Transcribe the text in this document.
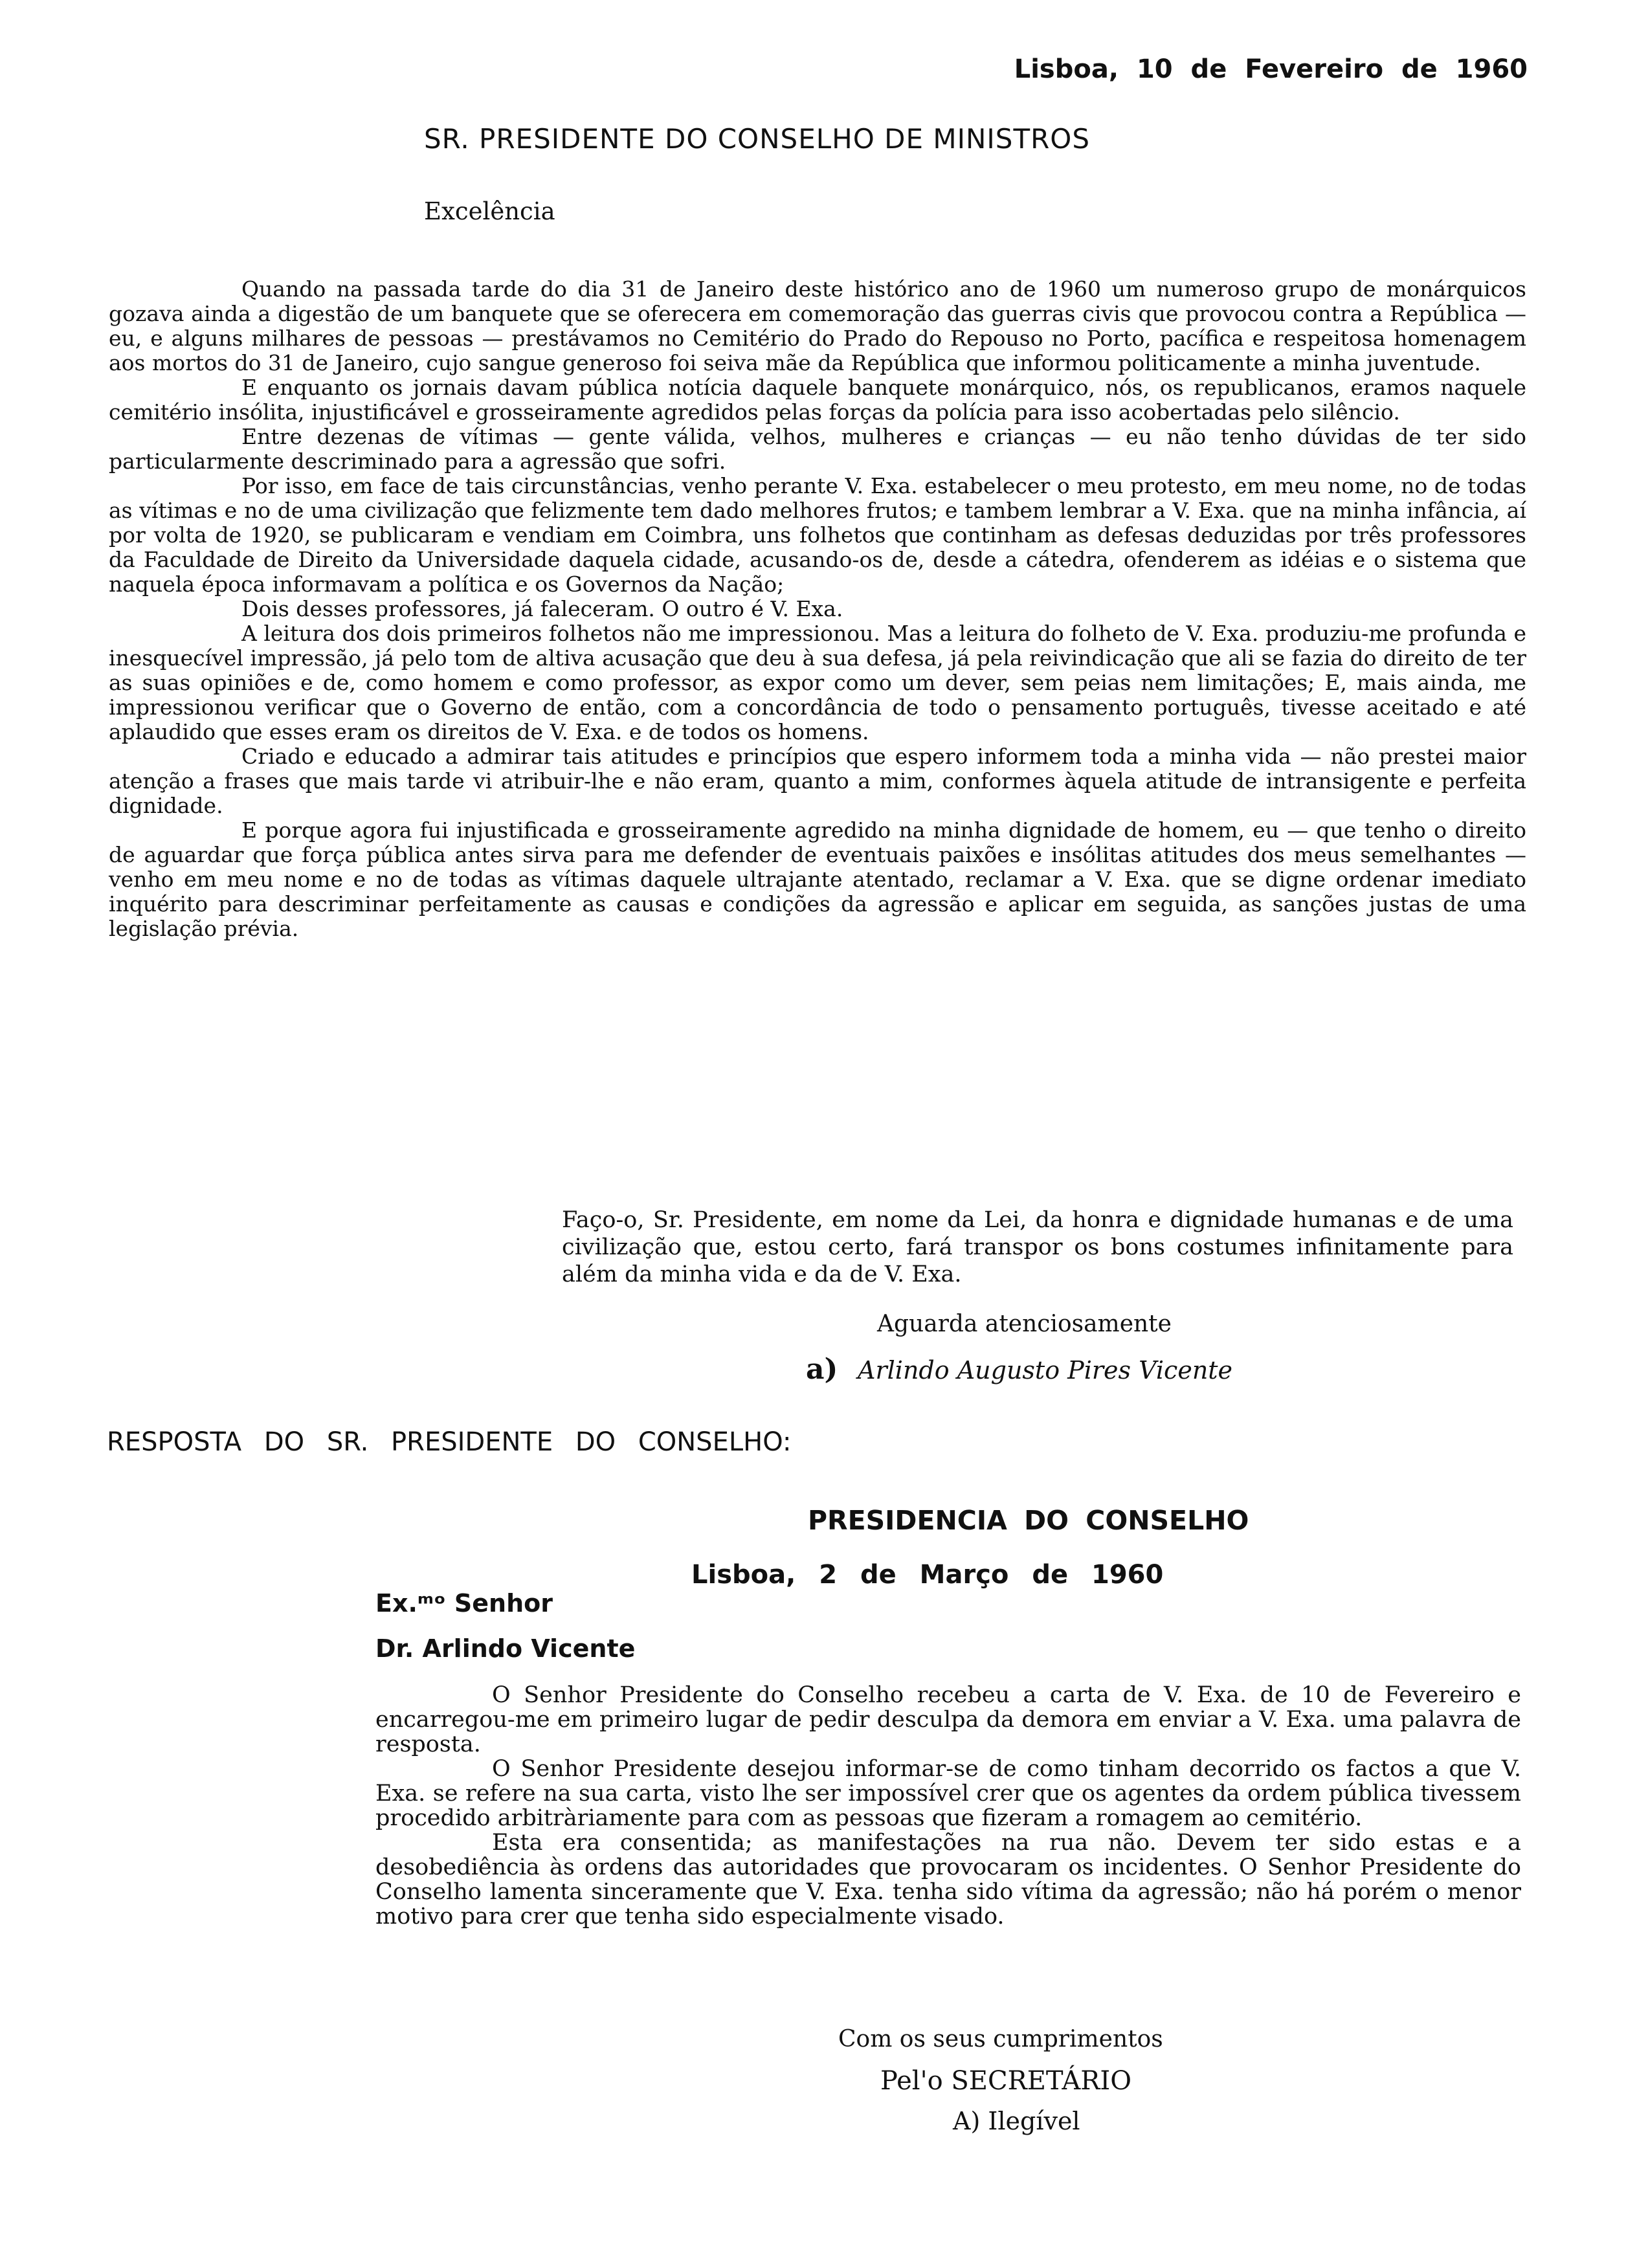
Lisboa, 10 de Fevereiro de 1960
SR. PRESIDENTE DO CONSELHO DE MINISTROS
Excelência

Quando na passada tarde do dia 31 de Janeiro deste histórico ano de 1960 um numeroso grupo de monárquicos gozava ainda a digestão de um banquete que se oferecera em comemoração das guerras civis que provocou contra a República — eu, e alguns milhares de pessoas — prestávamos no Cemitério do Prado do Repouso no Porto, pacífica e respeitosa homenagem aos mortos do 31 de Janeiro, cujo sangue generoso foi seiva mãe da República que informou politicamente a minha juventude.

E enquanto os jornais davam pública notícia daquele banquete monárquico, nós, os republicanos, eramos naquele cemitério insólita, injustificável e grosseiramente agredidos pelas forças da polícia para isso acobertadas pelo silêncio.

Entre dezenas de vítimas — gente válida, velhos, mulheres e crianças — eu não tenho dúvidas de ter sido particularmente descriminado para a agressão que sofri.

Por isso, em face de tais circunstâncias, venho perante V. Exa. estabelecer o meu protesto, em meu nome, no de todas as vítimas e no de uma civilização que felizmente tem dado melhores frutos; e tambem lembrar a V. Exa. que na minha infância, aí por volta de 1920, se publicaram e vendiam em Coimbra, uns folhetos que continham as defesas deduzidas por três professores da Faculdade de Direito da Universidade daquela cidade, acusando-os de, desde a cátedra, ofenderem as idéias e o sistema que naquela época informavam a política e os Governos da Nação;

Dois desses professores, já faleceram. O outro é V. Exa.

A leitura dos dois primeiros folhetos não me impressionou. Mas a leitura do folheto de V. Exa. produziu-me profunda e inesquecível impressão, já pelo tom de altiva acusação que deu à sua defesa, já pela reivindicação que ali se fazia do direito de ter as suas opiniões e de, como homem e como professor, as expor como um dever, sem peias nem limitações; E, mais ainda, me impressionou verificar que o Governo de então, com a concordância de todo o pensamento português, tivesse aceitado e até aplaudido que esses eram os direitos de V. Exa. e de todos os homens.

Criado e educado a admirar tais atitudes e princípios que espero informem toda a minha vida — não prestei maior atenção a frases que mais tarde vi atribuir-lhe e não eram, quanto a mim, conformes àquela atitude de intransigente e perfeita dignidade.

E porque agora fui injustificada e grosseiramente agredido na minha dignidade de homem, eu — que tenho o direito de aguardar que força pública antes sirva para me defender de eventuais paixões e insólitas atitudes dos meus semelhantes — venho em meu nome e no de todas as vítimas daquele ultrajante atentado, reclamar a V. Exa. que se digne ordenar imediato inquérito para descriminar perfeitamente as causas e condições da agressão e aplicar em seguida, as sanções justas de uma legislação prévia.

Faço-o, Sr. Presidente, em nome da Lei, da honra e dignidade humanas e de uma civilização que, estou certo, fará transpor os bons costumes infinitamente para além da minha vida e da de V. Exa.

Aguarda atenciosamente
a) Arlindo Augusto Pires Vicente
RESPOSTA DO SR. PRESIDENTE DO CONSELHO:
PRESIDENCIA DO CONSELHO
Lisboa, 2 de Março de 1960
Ex.ᵐᵒ Senhor
Dr. Arlindo Vicente

O Senhor Presidente do Conselho recebeu a carta de V. Exa. de 10 de Fevereiro e encarregou-me em primeiro lugar de pedir desculpa da demora em enviar a V. Exa. uma palavra de resposta.

O Senhor Presidente desejou informar-se de como tinham decorrido os factos a que V. Exa. se refere na sua carta, visto lhe ser impossível crer que os agentes da ordem pública tivessem procedido arbitràriamente para com as pessoas que fizeram a romagem ao cemitério.

Esta era consentida; as manifestações na rua não. Devem ter sido estas e a desobediência às ordens das autoridades que provocaram os incidentes. O Senhor Presidente do Conselho lamenta sinceramente que V. Exa. tenha sido vítima da agressão; não há porém o menor motivo para crer que tenha sido especialmente visado.

Com os seus cumprimentos
Pel'o SECRETÁRIO
A) Ilegível
